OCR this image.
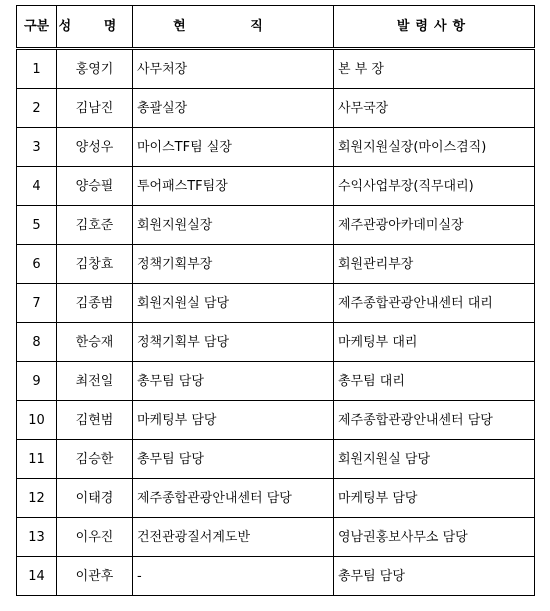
구분	성 명	현 직	발령사항
1	홍영기	사무처장	본 부 장
2	김남진	총괄실장	사무국장
3	양성우	마이스TF팀 실장	회원지원실장(마이스겸직)
4	양승필	투어패스TF팀장	수익사업부장(직무대리)
5	김호준	회원지원실장	제주관광아카데미실장
6	김창효	정책기획부장	회원관리부장
7	김종범	회원지원실 담당	제주종합관광안내센터 대리
8	한승재	정책기획부 담당	마케팅부 대리
9	최전일	총무팀 담당	총무팀 대리
10	김현범	마케팅부 담당	제주종합관광안내센터 담당
11	김승한	총무팀 담당	회원지원실 담당
12	이태경	제주종합관광안내센터 담당	마케팅부 담당
13	이우진	건전관광질서계도반	영남권홍보사무소 담당
14	이관후	-	총무팀 담당
